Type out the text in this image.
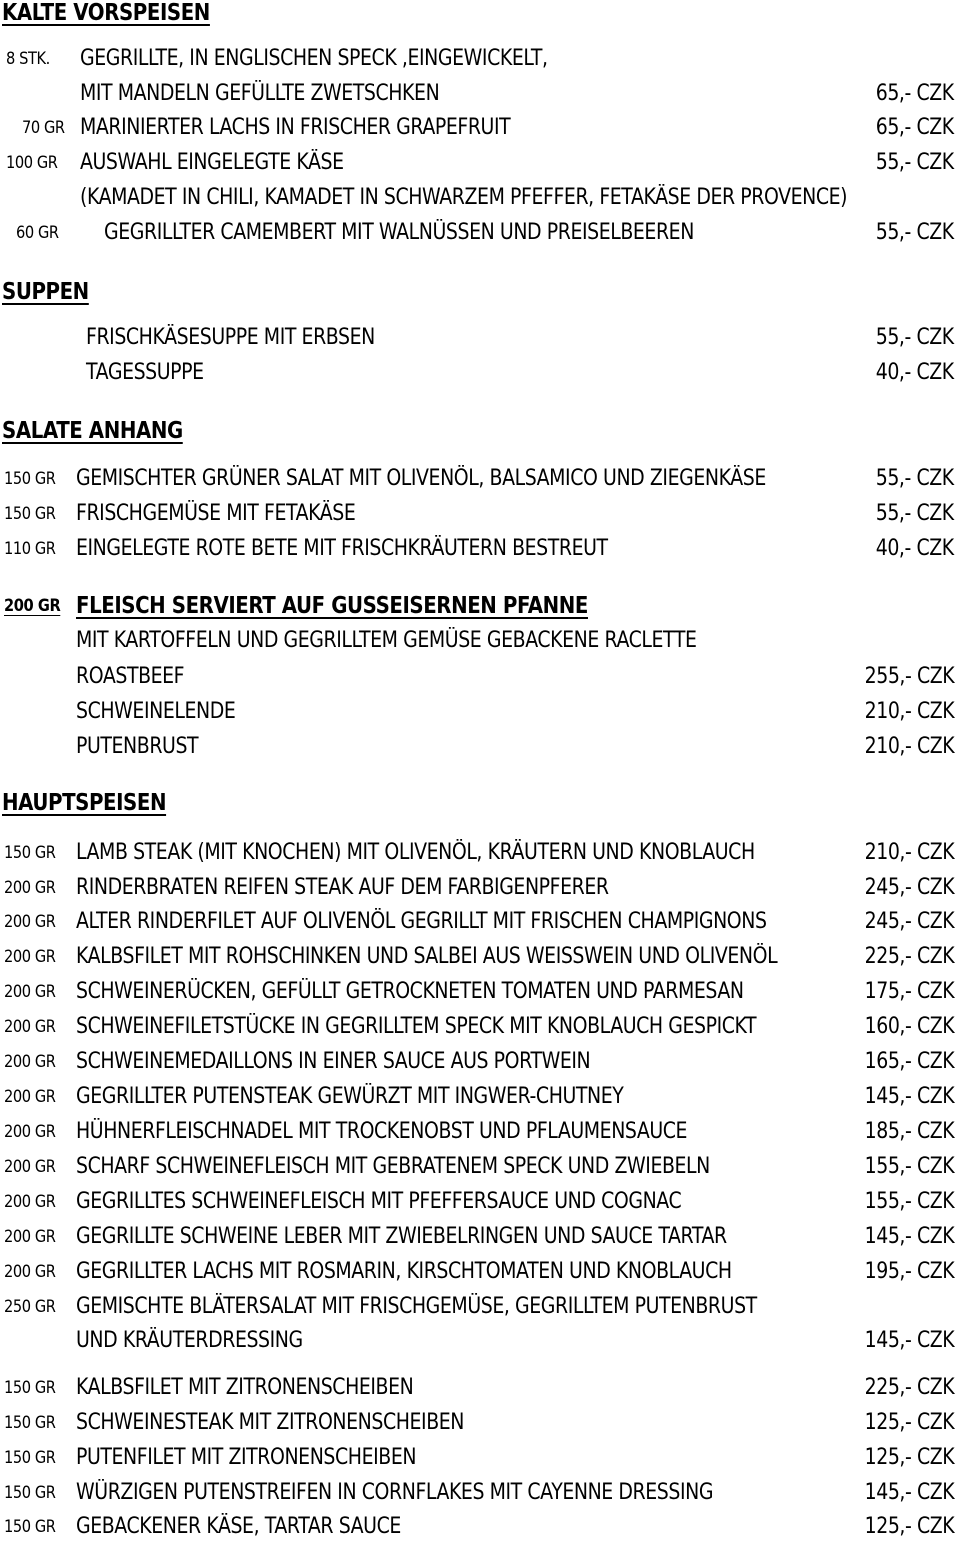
KALTE VORSPEISEN
8 STK. GEGRILLTE, IN ENGLISCHEN SPECK ,EINGEWICKELT,
MIT MANDELN GEFÜLLTE ZWETSCHKEN	65,- CZK
70 GR MARINIERTER LACHS IN FRISCHER GRAPEFRUIT	65,- CZK
100 GR AUSWAHL EINGELEGTE KÄSE	55,- CZK
(KAMADET IN CHILI, KAMADET IN SCHWARZEM PFEFFER, FETAKÄSE DER PROVENCE)
60 GR GEGRILLTER CAMEMBERT MIT WALNÜSSEN UND PREISELBEEREN	55,- CZK
SUPPEN
FRISCHKÄSESUPPE MIT ERBSEN	55,- CZK
TAGESSUPPE	40,- CZK
SALATE ANHANG
150 GR GEMISCHTER GRÜNER SALAT MIT OLIVENÖL, BALSAMICO UND ZIEGENKÄSE	55,- CZK
150 GR FRISCHGEMÜSE MIT FETAKÄSE	55,- CZK
110 GR EINGELEGTE ROTE BETE MIT FRISCHKRÄUTERN BESTREUT	40,- CZK
200 GR FLEISCH SERVIERT AUF GUSSEISERNEN PFANNE
MIT KARTOFFELN UND GEGRILLTEM GEMÜSE GEBACKENE RACLETTE
ROASTBEEF	255,- CZK
SCHWEINELENDE	210,- CZK
PUTENBRUST	210,- CZK
HAUPTSPEISEN
150 GR LAMB STEAK (MIT KNOCHEN) MIT OLIVENÖL, KRÄUTERN UND KNOBLAUCH	210,- CZK
200 GR RINDERBRATEN REIFEN STEAK AUF DEM FARBIGENPFERER	245,- CZK
200 GR ALTER RINDERFILET AUF OLIVENÖL GEGRILLT MIT FRISCHEN CHAMPIGNONS	245,- CZK
200 GR KALBSFILET MIT ROHSCHINKEN UND SALBEI AUS WEISSWEIN UND OLIVENÖL	225,- CZK
200 GR SCHWEINERÜCKEN, GEFÜLLT GETROCKNETEN TOMATEN UND PARMESAN	175,- CZK
200 GR SCHWEINEFILETSTÜCKE IN GEGRILLTEM SPECK MIT KNOBLAUCH GESPICKT	160,- CZK
200 GR SCHWEINEMEDAILLONS IN EINER SAUCE AUS PORTWEIN	165,- CZK
200 GR GEGRILLTER PUTENSTEAK GEWÜRZT MIT INGWER-CHUTNEY	145,- CZK
200 GR HÜHNERFLEISCHNADEL MIT TROCKENOBST UND PFLAUMENSAUCE	185,- CZK
200 GR SCHARF SCHWEINEFLEISCH MIT GEBRATENEM SPECK UND ZWIEBELN	155,- CZK
200 GR GEGRILLTES SCHWEINEFLEISCH MIT PFEFFERSAUCE UND COGNAC	155,- CZK
200 GR GEGRILLTE SCHWEINE LEBER MIT ZWIEBELRINGEN UND SAUCE TARTAR	145,- CZK
200 GR GEGRILLTER LACHS MIT ROSMARIN, KIRSCHTOMATEN UND KNOBLAUCH	195,- CZK
250 GR GEMISCHTE BLÄTERSALAT MIT FRISCHGEMÜSE, GEGRILLTEM PUTENBRUST
UND KRÄUTERDRESSING	145,- CZK
150 GR KALBSFILET MIT ZITRONENSCHEIBEN	225,- CZK
150 GR SCHWEINESTEAK MIT ZITRONENSCHEIBEN	125,- CZK
150 GR PUTENFILET MIT ZITRONENSCHEIBEN	125,- CZK
150 GR WÜRZIGEN PUTENSTREIFEN IN CORNFLAKES MIT CAYENNE DRESSING	145,- CZK
150 GR GEBACKENER KÄSE, TARTAR SAUCE	125,- CZK
